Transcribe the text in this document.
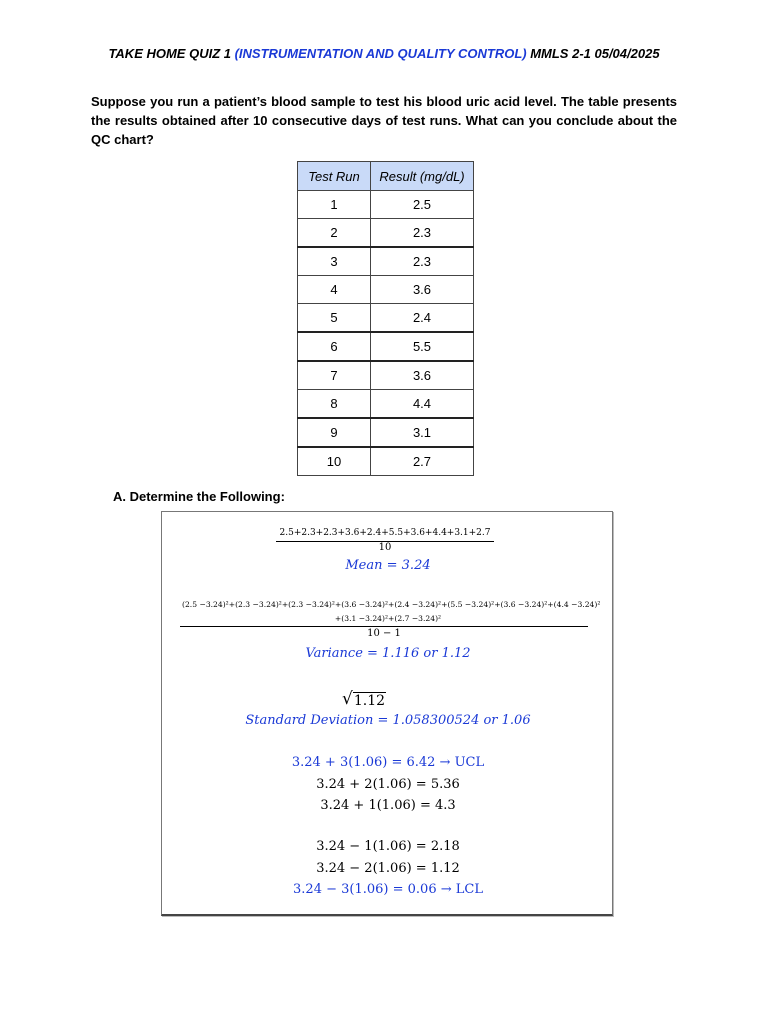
TAKE HOME QUIZ 1 (INSTRUMENTATION AND QUALITY CONTROL) MMLS 2-1 05/04/2025
Suppose you run a patient’s blood sample to test his blood uric acid level. The table presents the results obtained after 10 consecutive days of test runs. What can you conclude about the QC chart?
Test Run	Result (mg/dL)
1	2.5
2	2.3
3	2.3
4	3.6
5	2.4
6	5.5
7	3.6
8	4.4
9	3.1
10	2.7
A. Determine the Following:
2.5+2.3+2.3+3.6+2.4+5.5+3.6+4.4+3.1+2.7
10
Mean = 3.24
(2.5 −3.24)²+(2.3 −3.24)²+(2.3 −3.24)²+(3.6 −3.24)²+(2.4 −3.24)²+(5.5 −3.24)²+(3.6 −3.24)²+(4.4 −3.24)²
+(3.1 −3.24)²+(2.7 −3.24)²
10 − 1
Variance = 1.116 or 1.12
√1.12
Standard Deviation = 1.058300524 or 1.06
3.24 + 3(1.06) = 6.42 → UCL
3.24 + 2(1.06) = 5.36
3.24 + 1(1.06) = 4.3
3.24 − 1(1.06) = 2.18
3.24 − 2(1.06) = 1.12
3.24 − 3(1.06) = 0.06 → LCL
